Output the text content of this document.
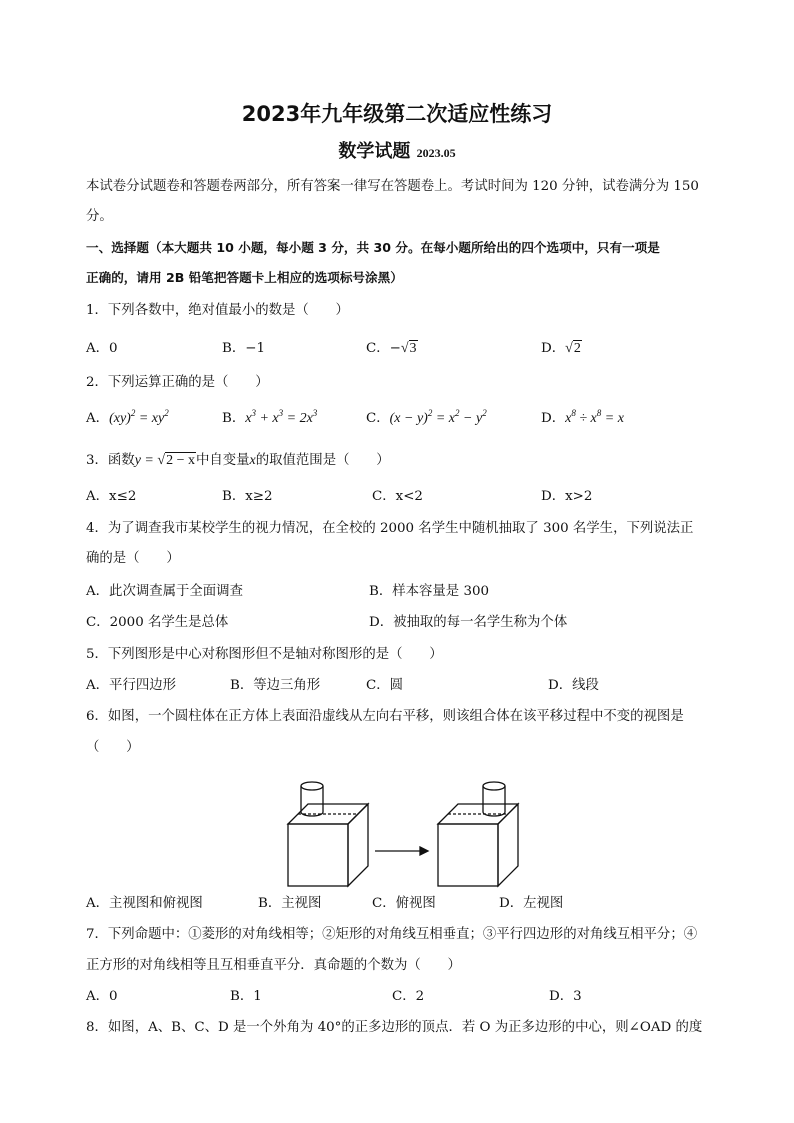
2023年九年级第二次适应性练习
数学试题 2023.05
本试卷分试题卷和答题卷两部分，所有答案一律写在答题卷上。考试时间为 120 分钟，试卷满分为 150
分。
一、选择题（本大题共 10 小题，每小题 3 分，共 30 分。在每小题所给出的四个选项中，只有一项是
正确的，请用 2B 铅笔把答题卡上相应的选项标号涂黑）
1．下列各数中，绝对值最小的数是（　　）
A．0	B．−1	C．−√3	D．√2
2．下列运算正确的是（　　）
A．$(xy)^2 = xy^2$	B．$x^3 + x^3 = 2x^3$	C．$(x - y)^2 = x^2 - y^2$	D．$x^8 \div x^8 = x$
3．函数y = √2 − x中自变量x的取值范围是（　　）
A．x≤2	B．x≥2	C．x<2	D．x>2
4．为了调查我市某校学生的视力情况，在全校的 2000 名学生中随机抽取了 300 名学生，下列说法正
确的是（　　）
A．此次调查属于全面调查	B．样本容量是 300
C．2000 名学生是总体	D．被抽取的每一名学生称为个体
5．下列图形是中心对称图形但不是轴对称图形的是（　　）
A．平行四边形	B．等边三角形	C．圆	D．线段
6．如图，一个圆柱体在正方体上表面沿虚线从左向右平移，则该组合体在该平移过程中不变的视图是
（　　）
A．主视图和俯视图	B．主视图	C．俯视图	D．左视图
7．下列命题中：①菱形的对角线相等；②矩形的对角线互相垂直；③平行四边形的对角线互相平分；④
正方形的对角线相等且互相垂直平分．真命题的个数为（　　）
A．0	B．1	C．2	D．3
8．如图，A、B、C、D 是一个外角为 40°的正多边形的顶点．若 O 为正多边形的中心，则∠OAD 的度
